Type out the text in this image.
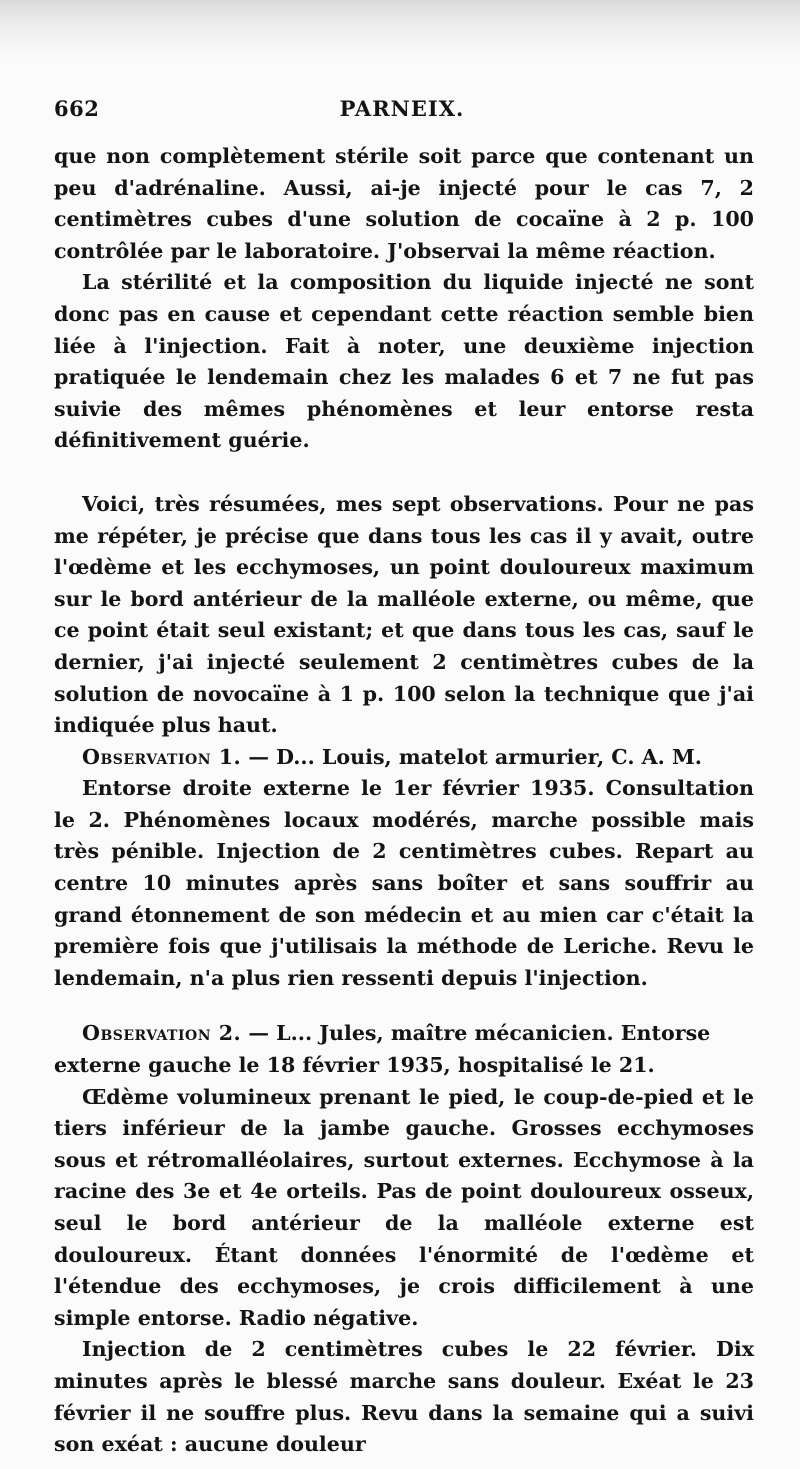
662	PARNEIX.

que non complètement stérile soit parce que contenant un peu d'adrénaline. Aussi, ai-je injecté pour le cas 7, 2 centimètres cubes d'une solution de cocaïne à 2 p. 100 contrôlée par le laboratoire. J'observai la même réaction.

La stérilité et la composition du liquide injecté ne sont donc pas en cause et cependant cette réaction semble bien liée à l'injection. Fait à noter, une deuxième injection pratiquée le lendemain chez les malades 6 et 7 ne fut pas suivie des mêmes phénomènes et leur entorse resta définitivement guérie.

Voici, très résumées, mes sept observations. Pour ne pas me répéter, je précise que dans tous les cas il y avait, outre l'œdème et les ecchymoses, un point douloureux maximum sur le bord antérieur de la malléole externe, ou même, que ce point était seul existant; et que dans tous les cas, sauf le dernier, j'ai injecté seulement 2 centimètres cubes de la solution de novocaïne à 1 p. 100 selon la technique que j'ai indiquée plus haut.

Observation 1. — D... Louis, matelot armurier, C. A. M.

Entorse droite externe le 1er février 1935. Consultation le 2. Phénomènes locaux modérés, marche possible mais très pénible. Injection de 2 centimètres cubes. Repart au centre 10 minutes après sans boîter et sans souffrir au grand étonnement de son médecin et au mien car c'était la première fois que j'utilisais la méthode de Leriche. Revu le lendemain, n'a plus rien ressenti depuis l'injection.

Observation 2. — L... Jules, maître mécanicien. Entorse externe gauche le 18 février 1935, hospitalisé le 21.

Œdème volumineux prenant le pied, le coup-de-pied et le tiers inférieur de la jambe gauche. Grosses ecchymoses sous et rétromalléolaires, surtout externes. Ecchymose à la racine des 3e et 4e orteils. Pas de point douloureux osseux, seul le bord antérieur de la malléole externe est douloureux. Étant données l'énormité de l'œdème et l'étendue des ecchymoses, je crois difficilement à une simple entorse. Radio négative.

Injection de 2 centimètres cubes le 22 février. Dix minutes après le blessé marche sans douleur. Exéat le 23 février il ne souffre plus. Revu dans la semaine qui a suivi son exéat : aucune douleur
